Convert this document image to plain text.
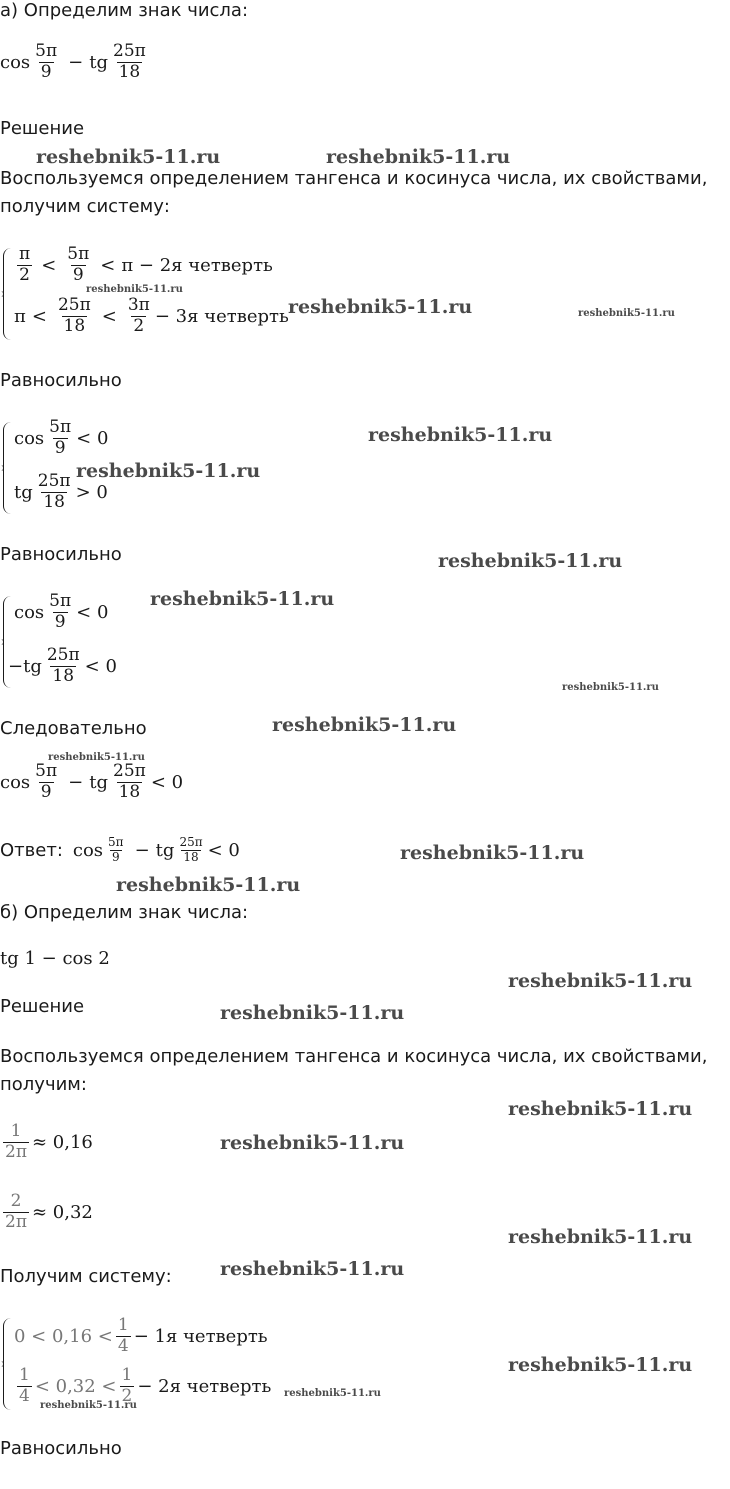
а) Определим знак числа:
$\cos \frac{5\pi}{9}$ − tg $\frac{25\pi}{18}$
Решение
Воспользуемся определением тангенса и косинуса числа, их свойствами,
получим систему:
$\frac{\pi}{2} < \frac{5\pi}{9} < \pi - 2я$ четверть
$\pi < \frac{25\pi}{18} < \frac{3\pi}{2} - 3я$ четверть
Равносильно
$\cos \frac{5\pi}{9} < 0$
tg $\frac{25\pi}{18} > 0$
Равносильно
$\cos \frac{5\pi}{9} < 0$
$-tg \frac{25\pi}{18} < 0$
Следовательно
$\cos \frac{5\pi}{9}$ − tg $\frac{25\pi}{18} < 0$
Ответ: $\cos \frac{5\pi}{9}$ − tg $\frac{25\pi}{18} < 0$
б) Определим знак числа:
tg 1 − cos 2
Решение
Воспользуемся определением тангенса и косинуса числа, их свойствами,
получим:
$\frac{1}{2\pi} \approx 0,16$
$\frac{2}{2\pi} \approx 0,32$
Получим систему:
$0 < 0,16 < \frac{1}{4} - 1я$ четверть
$\frac{1}{4} < 0,32 < \frac{1}{2} - 2я$ четверть
Равносильно
reshebnik5-11.ru	reshebnik5-11.ru
reshebnik5-11.ru
reshebnik5-11.ru	reshebnik5-11.ru
reshebnik5-11.ru
reshebnik5-11.ru
reshebnik5-11.ru
reshebnik5-11.ru
reshebnik5-11.ru
reshebnik5-11.ru
reshebnik5-11.ru
reshebnik5-11.ru
reshebnik5-11.ru
reshebnik5-11.ru
reshebnik5-11.ru
reshebnik5-11.ru
reshebnik5-11.ru
reshebnik5-11.ru
reshebnik5-11.ru
reshebnik5-11.ru
reshebnik5-11.ru
reshebnik5-11.ru
